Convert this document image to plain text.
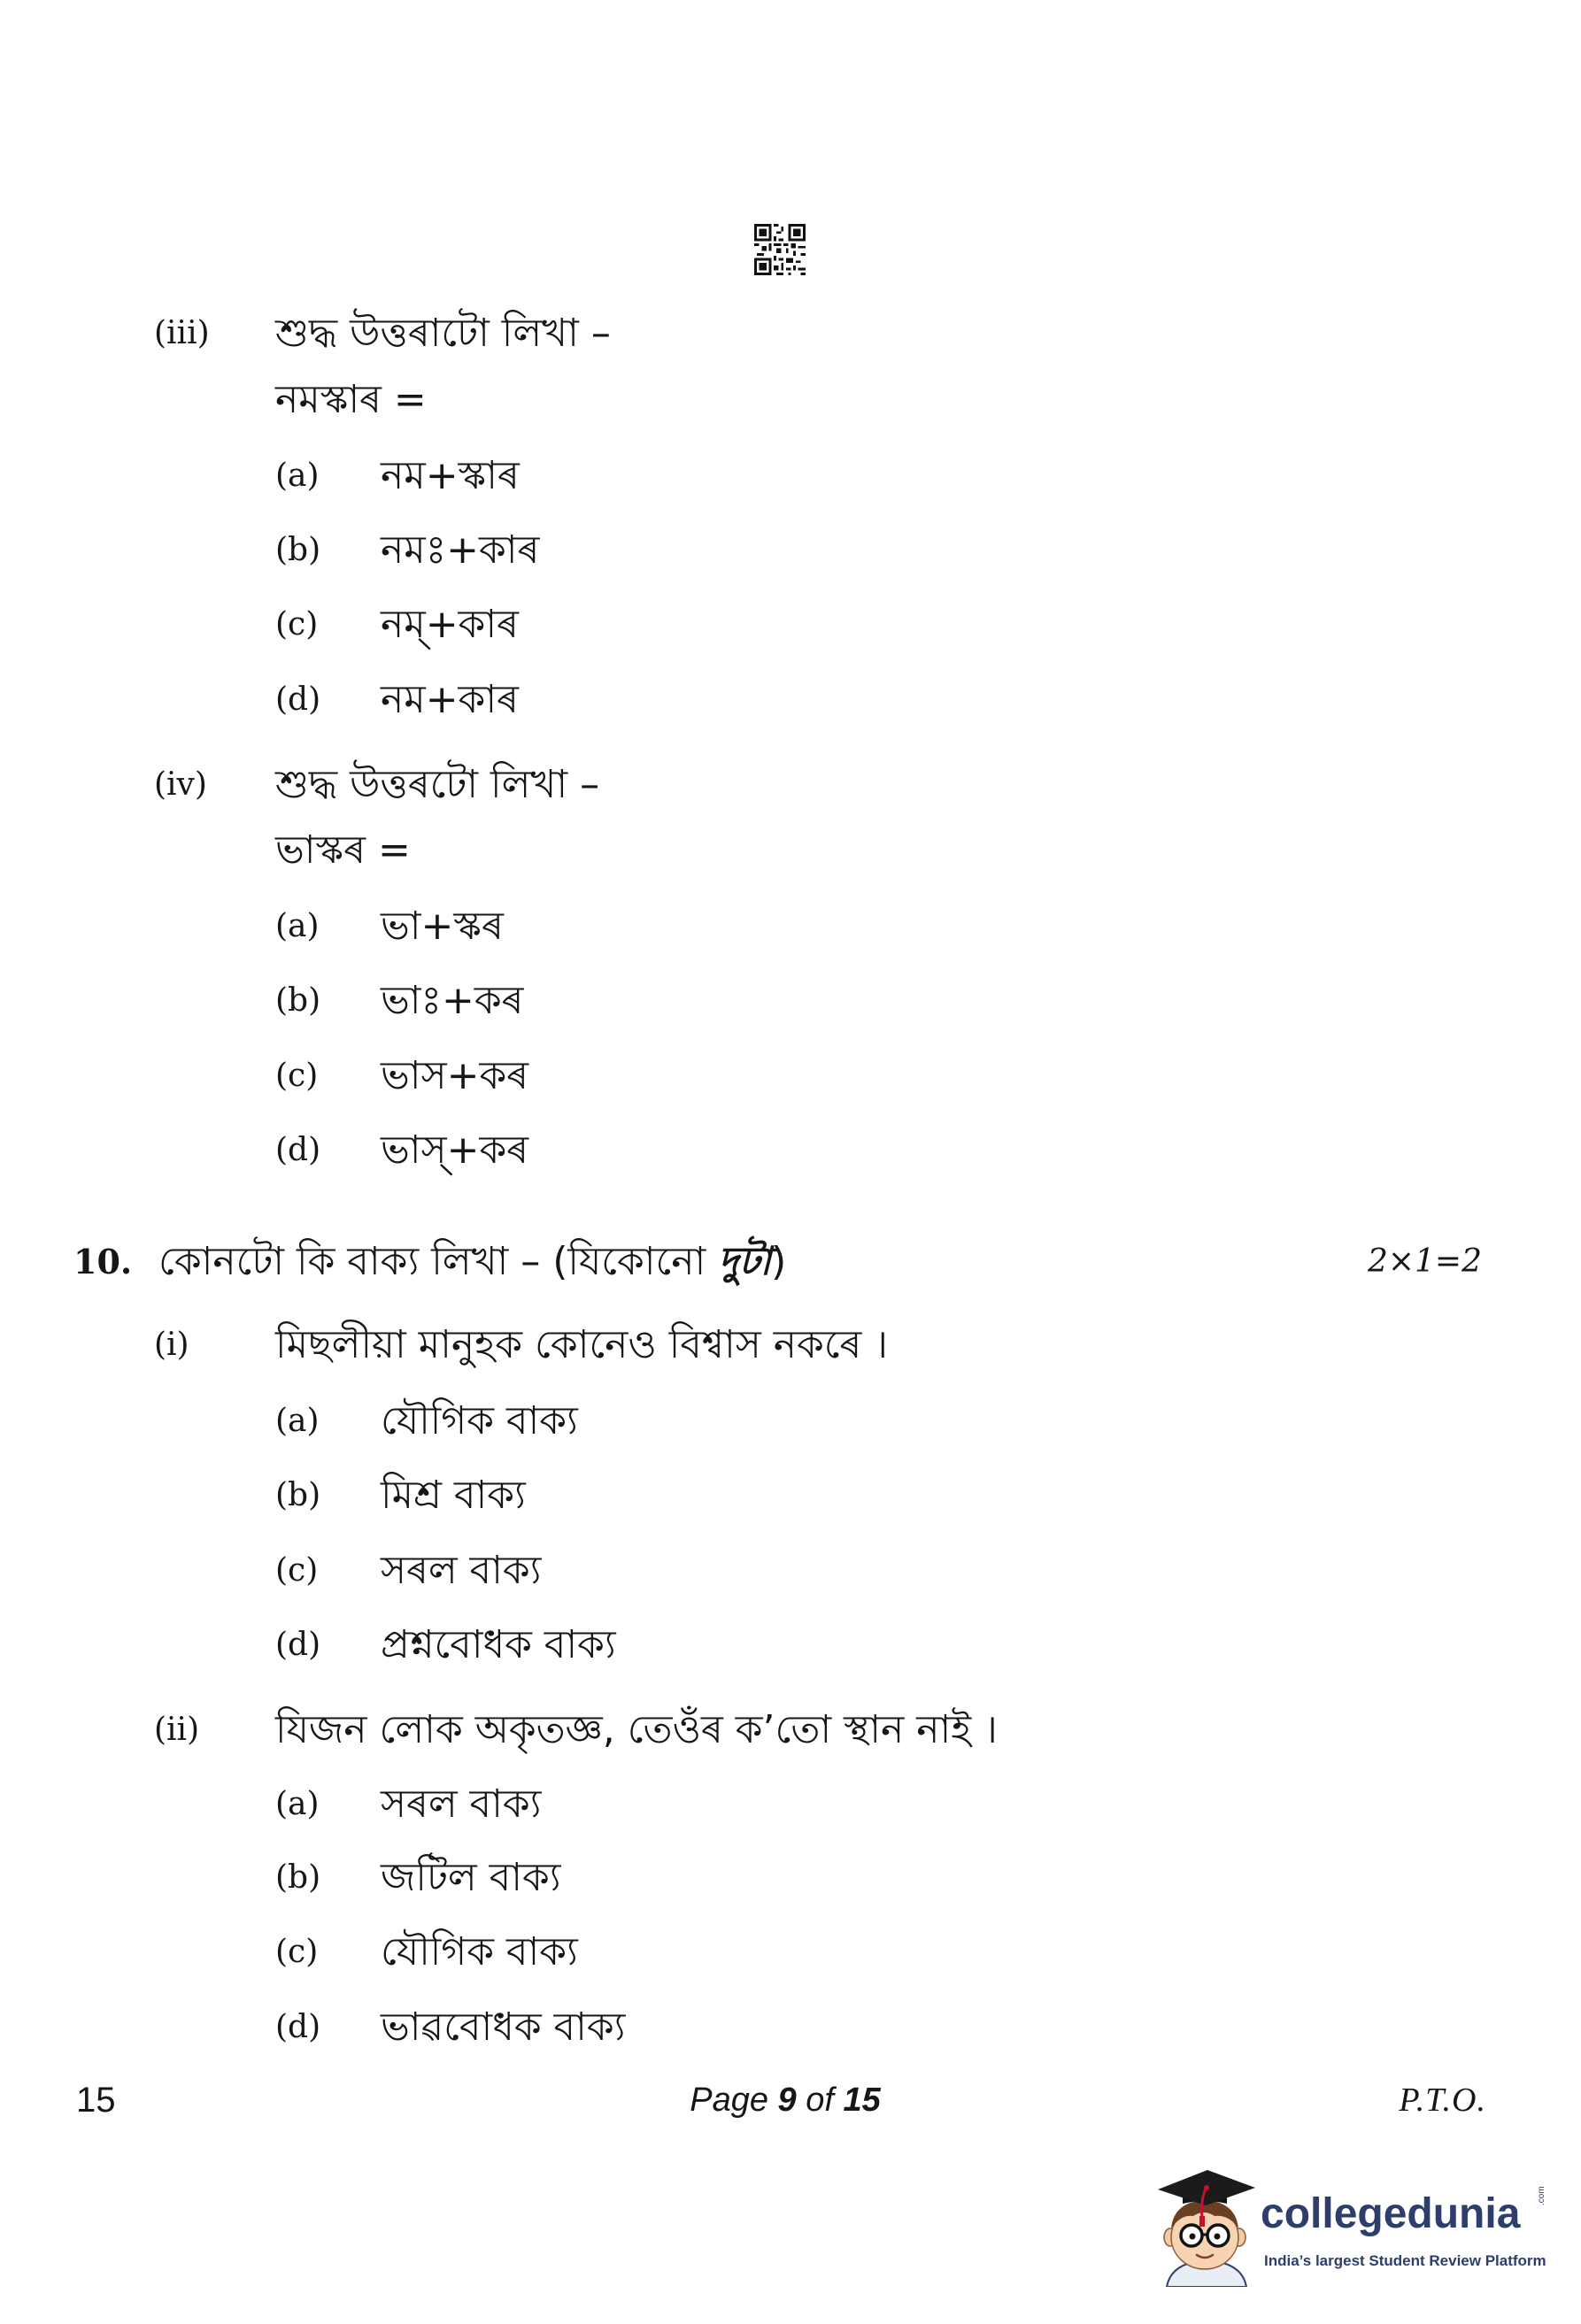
(iii) শুদ্ধ উত্তৰাটো লিখা –
নমস্কাৰ =
(a) নম+স্কাৰ
(b) নমঃ+কাৰ
(c) নম্+কাৰ
(d) নম+কাৰ
(iv) শুদ্ধ উত্তৰটো লিখা –
ভাস্কৰ =
(a) ভা+স্কৰ
(b) ভাঃ+কৰ
(c) ভাস+কৰ
(d) ভাস্+কৰ
10. কোনটো কি বাক্য লিখা – (যিকোনো দুটা)	2×1=2
(i) মিছলীয়া মানুহক কোনেও বিশ্বাস নকৰে ।
(a) যৌগিক বাক্য
(b) মিশ্ৰ বাক্য
(c) সৰল বাক্য
(d) প্ৰশ্নবোধক বাক্য
(ii) যিজন লোক অকৃতজ্ঞ, তেওঁৰ ক’তো স্থান নাই ।
(a) সৰল বাক্য
(b) জটিল বাক্য
(c) যৌগিক বাক্য
(d) ভাৱবোধক বাক্য
15	Page 9 of 15	P.T.O.
collegedunia .com
India’s largest Student Review Platform
